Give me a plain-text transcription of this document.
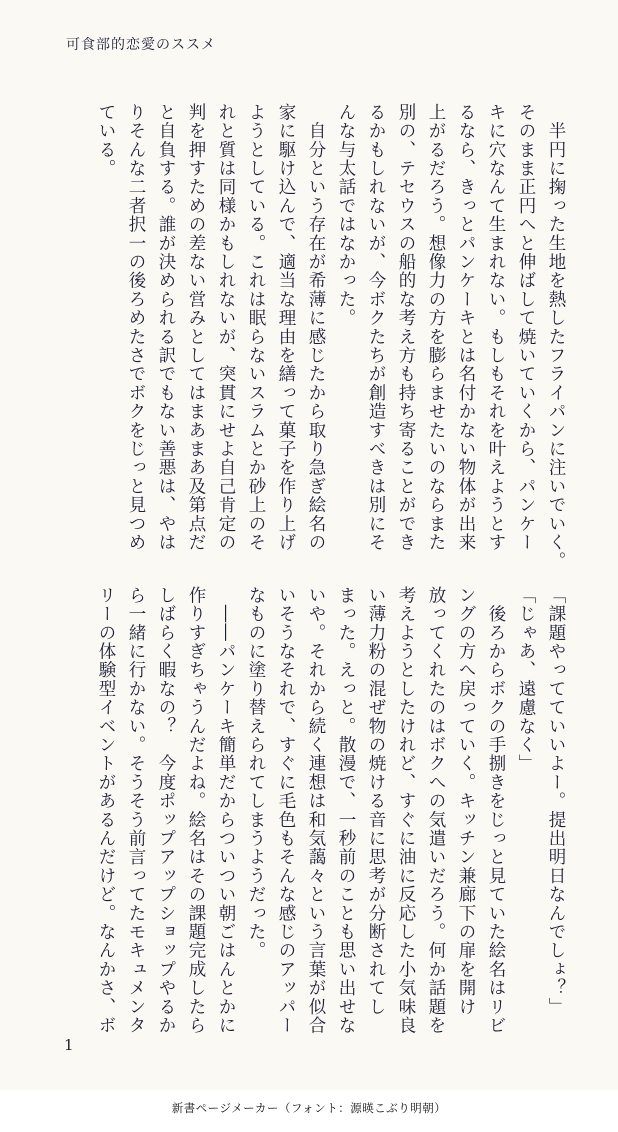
可食部的恋愛のススメ
　半円に掬った生地を熱したフライパンに注いでいく。
そのまま正円へと伸ばして焼いていくから、パンケー
キに穴なんて生まれない。もしもそれを叶えようとす
るなら、きっとパンケーキとは名付かない物体が出来
上がるだろう。想像力の方を膨らませたいのならまた
別の、テセウスの船的な考え方も持ち寄ることができ
るかもしれないが、今ボクたちが創造すべきは別にそ
んな与太話ではなかった。
　自分という存在が希薄に感じたから取り急ぎ絵名の
家に駆け込んで、適当な理由を繕って菓子を作り上げ
ようとしている。これは眠らないスラムとか砂上のそ
れと質は同様かもしれないが、突貫にせよ自己肯定の
判を押すための差ない営みとしてはまあまあ及第点だ
と自負する。誰が決められる訳でもない善悪は、やは
りそんな二者択一の後ろめたさでボクをじっと見つめ
ている。
「課題やってていいよー。提出明日なんでしょ？」
「じゃあ、遠慮なく」
　後ろからボクの手捌きをじっと見ていた絵名はリビ
ングの方へ戻っていく。キッチン兼廊下の扉を開け
放ってくれたのはボクへの気遣いだろう。何か話題を
考えようとしたけれど、すぐに油に反応した小気味良
い薄力粉の混ぜ物の焼ける音に思考が分断されてし
まった。えっと。散漫で、一秒前のことも思い出せな
いや。それから続く連想は和気藹々という言葉が似合
いそうなそれで、すぐに毛色もそんな感じのアッパー
なものに塗り替えられてしまうようだった。
　――パンケーキ簡単だからついつい朝ごはんとかに
作りすぎちゃうんだよね。絵名はその課題完成したら
しばらく暇なの？　今度ポップアップショップやるか
ら一緒に行かない。そうそう前言ってたモキュメンタ
リーの体験型イベントがあるんだけど。なんかさ、ボ
1
新書ページメーカー（フォント：源暎こぶり明朝）
